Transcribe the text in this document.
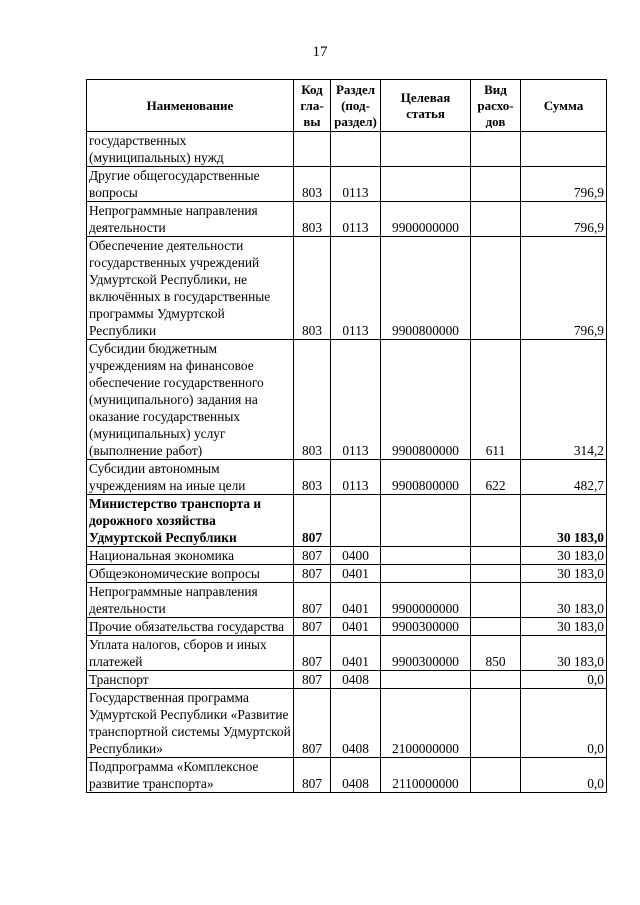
17
Наименование	Код гла- вы	Раздел (под- раздел)	Целевая статья	Вид расхо- дов	Сумма
государственных (муниципальных) нужд					
Другие общегосударственные вопросы	803	0113			796,9
Непрограммные направления деятельности	803	0113	9900000000		796,9
Обеспечение деятельности государственных учреждений Удмуртской Республики, не включённых в государственные программы Удмуртской Республики	803	0113	9900800000		796,9
Субсидии бюджетным учреждениям на финансовое обеспечение государственного (муниципального) задания на оказание государственных (муниципальных) услуг (выполнение работ)	803	0113	9900800000	611	314,2
Субсидии автономным учреждениям на иные цели	803	0113	9900800000	622	482,7
Министерство транспорта и дорожного хозяйства Удмуртской Республики	807				30 183,0
Национальная экономика	807	0400			30 183,0
Общеэкономические вопросы	807	0401			30 183,0
Непрограммные направления деятельности	807	0401	9900000000		30 183,0
Прочие обязательства государства	807	0401	9900300000		30 183,0
Уплата налогов, сборов и иных платежей	807	0401	9900300000	850	30 183,0
Транспорт	807	0408			0,0
Государственная программа Удмуртской Республики «Развитие транспортной системы Удмуртской Республики»	807	0408	2100000000		0,0
Подпрограмма «Комплексное развитие транспорта»	807	0408	2110000000		0,0
